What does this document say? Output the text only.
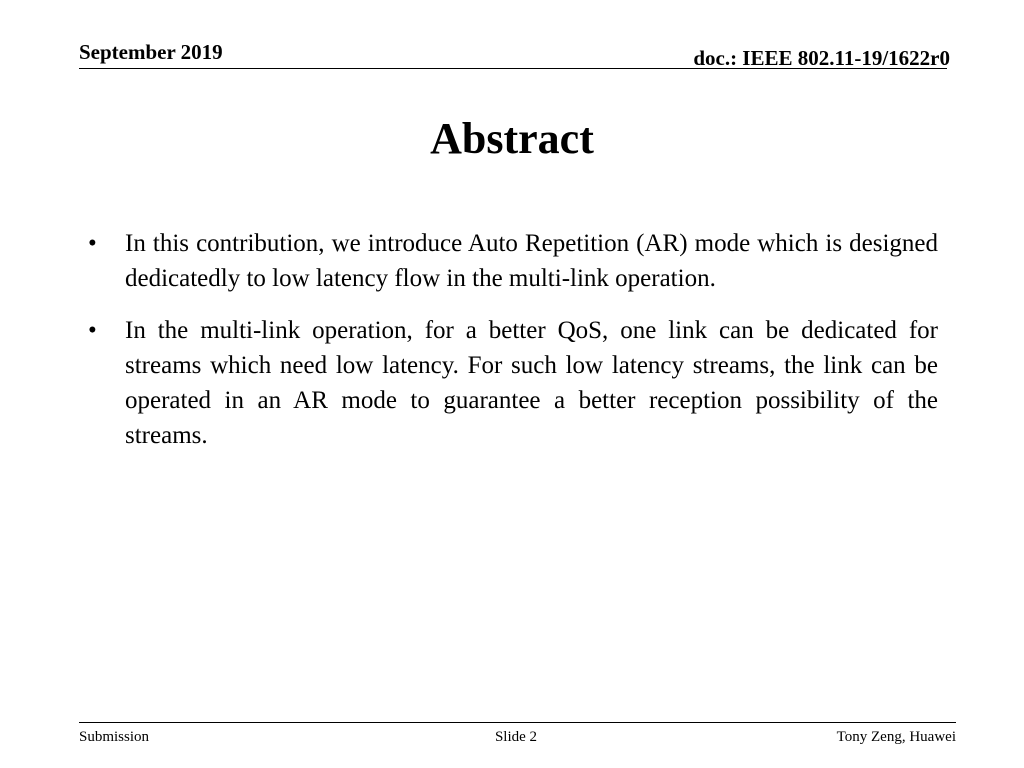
September 2019	doc.: IEEE 802.11-19/1622r0
Abstract
•	In this contribution, we introduce Auto Repetition (AR) mode which is designed dedicatedly to low latency flow in the multi-link operation.
•	In the multi-link operation, for a better QoS, one link can be dedicated for streams which need low latency. For such low latency streams, the link can be operated in an AR mode to guarantee a better reception possibility of the streams.
Submission	Slide 2	Tony Zeng, Huawei
